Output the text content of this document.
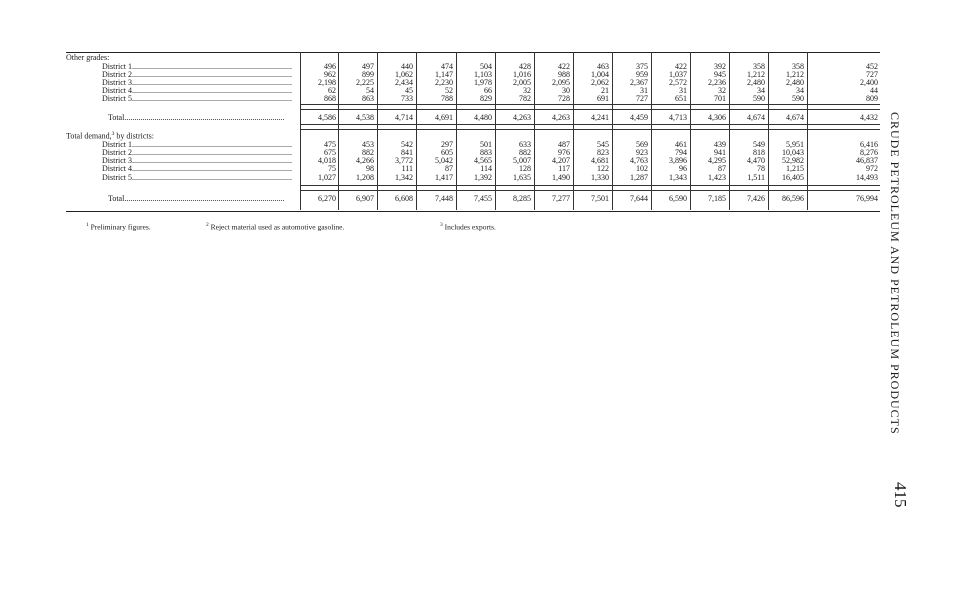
Other grades:
District 1................................................................................	496	497	440	474	504	428	422	463	375	422	392	358	358	452
District 2................................................................................	962	899	1,062	1,147	1,103	1,016	988	1,004	959	1,037	945	1,212	1,212	727
District 3................................................................................	2,198	2,225	2,434	2,230	1,978	2,005	2,095	2,062	2,367	2,572	2,236	2,480	2,480	2,400
District 4................................................................................	62	54	45	52	66	32	30	21	31	31	32	34	34	44
District 5................................................................................	868	863	733	788	829	782	728	691	727	651	701	590	590	809
Total................................................................................	4,586	4,538	4,714	4,691	4,480	4,263	4,263	4,241	4,459	4,713	4,306	4,674	4,674	4,432
Total demand,$^3$ by districts:
District 1................................................................................	475	453	542	297	501	633	487	545	569	461	439	549	5,951	6,416
District 2................................................................................	675	882	841	605	883	882	976	823	923	794	941	818	10,043	8,276
District 3................................................................................	4,018	4,266	3,772	5,042	4,565	5,007	4,207	4,681	4,763	3,896	4,295	4,470	52,982	46,837
District 4................................................................................	75	98	111	87	114	128	117	122	102	96	87	78	1,215	972
District 5................................................................................	1,027	1,208	1,342	1,417	1,392	1,635	1,490	1,330	1,287	1,343	1,423	1,511	16,405	14,493
Total................................................................................	6,270	6,907	6,608	7,448	7,455	8,285	7,277	7,501	7,644	6,590	7,185	7,426	86,596	76,994
$^1$ Preliminary figures.	$^2$ Reject material used as automotive gasoline.	$^3$ Includes exports.	CRUDE PETROLEUM AND PETROLEUM PRODUCTS
415
